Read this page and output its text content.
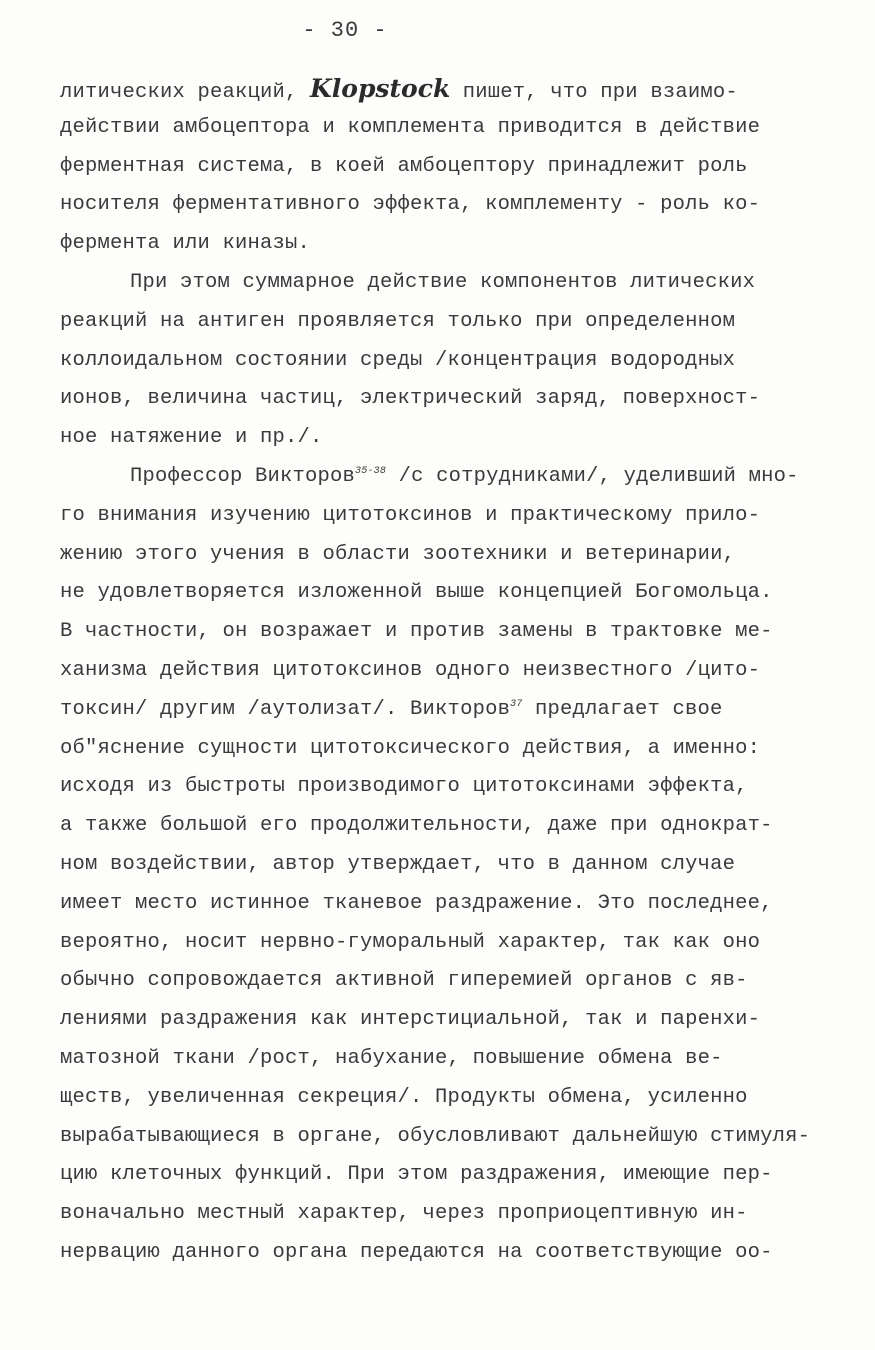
- 30 -
литических реакций, Klopstock пишет, что при взаимо-
действии амбоцептора и комплемента приводится в действие
ферментная система, в коей амбоцептору принадлежит роль
носителя ферментативного эффекта, комплементу - роль ко-
фермента или киназы.
При этом суммарное действие компонентов литических
реакций на антиген проявляется только при определенном
коллоидальном состоянии среды /концентрация водородных
ионов, величина частиц, электрический заряд, поверхност-
ное натяжение и пр./.
Профессор Викторов$^{35-38}$ /с сотрудниками/, уделивший мно-
го внимания изучению цитотоксинов и практическому прило-
жению этого учения в области зоотехники и ветеринарии,
не удовлетворяется изложенной выше концепцией Богомольца.
В частности, он возражает и против замены в трактовке ме-
ханизма действия цитотоксинов одного неизвестного /цито-
токсин/ другим /аутолизат/. Викторов$^{37}$ предлагает свое
об"яснение сущности цитотоксического действия, а именно:
исходя из быстроты производимого цитотоксинами эффекта,
а также большой его продолжительности, даже при однократ-
ном воздействии, автор утверждает, что в данном случае
имеет место истинное тканевое раздражение. Это последнее,
вероятно, носит нервно-гуморальный характер, так как оно
обычно сопровождается активной гиперемией органов с яв-
лениями раздражения как интерстициальной, так и паренхи-
матозной ткани /рост, набухание, повышение обмена ве-
ществ, увеличенная секреция/. Продукты обмена, усиленно
вырабатывающиеся в органе, обусловливают дальнейшую стимуля-
цию клеточных функций. При этом раздражения, имеющие пер-
воначально местный характер, через проприоцептивную ин-
нервацию данного органа передаются на соответствующие оо-
